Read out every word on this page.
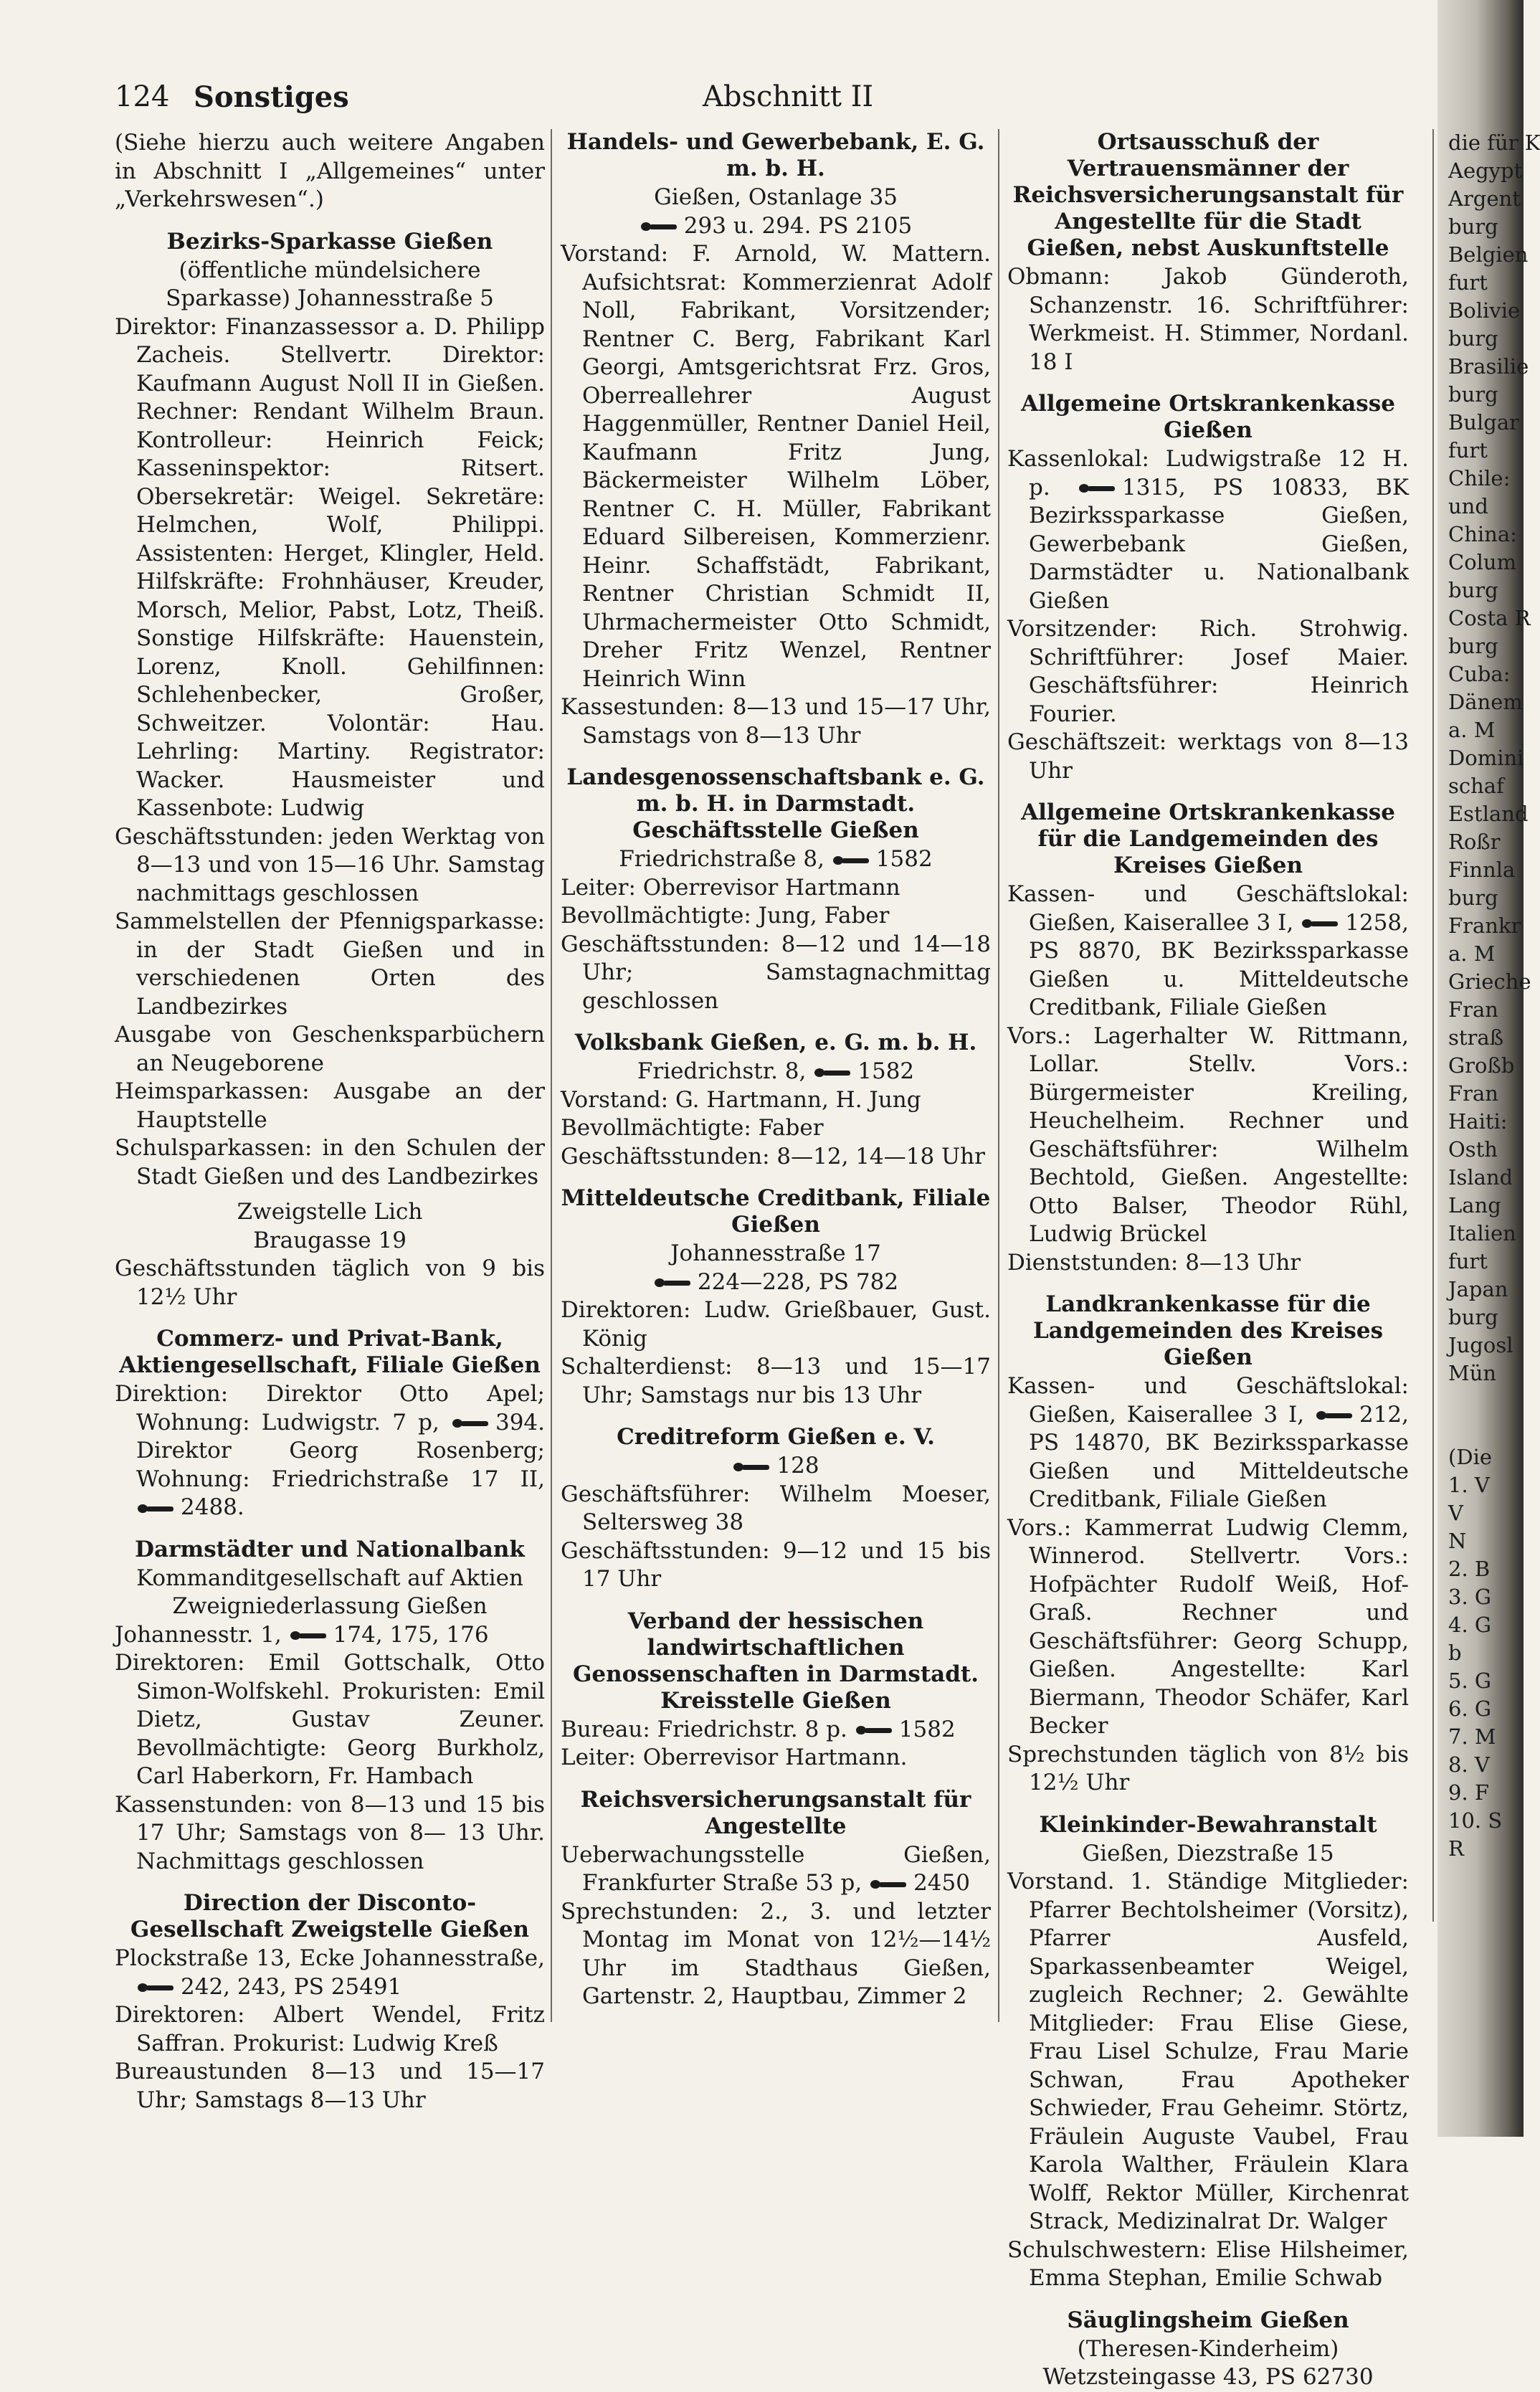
124 Sonstiges	Abschnitt II
(Siehe hierzu auch weitere Angaben in Abschnitt I „Allgemeines“ unter „Verkehrswesen“.)
Bezirks-Sparkasse Gießen
(öffentliche mündelsichere Sparkasse) Johannesstraße 5
Direktor: Finanzassessor a. D. Philipp Zacheis. Stellvertr. Direktor: Kaufmann August Noll II in Gießen. Rechner: Rendant Wilhelm Braun. Kontrolleur: Heinrich Feick; Kasseninspektor: Ritsert. Obersekretär: Weigel. Sekretäre: Helmchen, Wolf, Philippi. Assistenten: Herget, Klingler, Held. Hilfskräfte: Frohnhäuser, Kreuder, Morsch, Melior, Pabst, Lotz, Theiß. Sonstige Hilfskräfte: Hauenstein, Lorenz, Knoll. Gehilfinnen: Schlehenbecker, Großer, Schweitzer. Volontär: Hau. Lehrling: Martiny. Registrator: Wacker. Hausmeister und Kassenbote: Ludwig
Geschäftsstunden: jeden Werktag von 8—13 und von 15—16 Uhr. Samstag nachmittags geschlossen
Sammelstellen der Pfennigsparkasse: in der Stadt Gießen und in verschiedenen Orten des Landbezirkes
Ausgabe von Geschenksparbüchern an Neugeborene
Heimsparkassen: Ausgabe an der Hauptstelle
Schulsparkassen: in den Schulen der Stadt Gießen und des Landbezirkes
Zweigstelle Lich
Braugasse 19
Geschäftsstunden täglich von 9 bis 12½ Uhr
Commerz- und Privat-Bank, Aktiengesellschaft, Filiale Gießen
Direktion: Direktor Otto Apel; Wohnung: Ludwigstr. 7 p,	394. Direktor Georg Rosenberg; Wohnung: Friedrichstraße 17 II, 2488.
Darmstädter und Nationalbank
Kommanditgesellschaft auf Aktien Zweigniederlassung Gießen
Johannesstr. 1, 174, 175, 176
Direktoren: Emil Gottschalk, Otto Simon-Wolfskehl. Prokuristen: Emil Dietz, Gustav Zeuner. Bevollmächtigte: Georg Burkholz, Carl Haberkorn, Fr. Hambach
Kassenstunden: von 8—13 und 15 bis 17 Uhr; Samstags von 8— 13 Uhr. Nachmittags geschlossen
Direction der Disconto-Gesellschaft Zweigstelle Gießen
Plockstraße 13, Ecke Johannesstraße, 242, 243, PS 25491
Direktoren: Albert Wendel, Fritz Saffran. Prokurist: Ludwig Kreß
Bureaustunden 8—13 und 15—17 Uhr; Samstags 8—13 Uhr
Handels- und Gewerbebank, E. G. m. b. H.
Gießen, Ostanlage 35
293 u. 294. PS 2105
Vorstand: F. Arnold, W. Mattern. Aufsichtsrat: Kommerzienrat Adolf Noll, Fabrikant, Vorsitzender; Rentner C. Berg, Fabrikant Karl Georgi, Amtsgerichtsrat Frz. Gros, Oberreallehrer August Haggenmüller, Rentner Daniel Heil, Kaufmann Fritz Jung, Bäckermeister Wilhelm Löber, Rentner C. H. Müller, Fabrikant Eduard Silbereisen, Kommerzienr. Heinr. Schaffstädt, Fabrikant, Rentner Christian Schmidt II, Uhrmachermeister Otto Schmidt, Dreher Fritz Wenzel, Rentner Heinrich Winn
Kassestunden: 8—13 und 15—17 Uhr, Samstags von 8—13 Uhr
Landesgenossenschaftsbank e. G. m. b. H. in Darmstadt. Geschäftsstelle Gießen
Friedrichstraße 8, 1582
Leiter: Oberrevisor Hartmann
Bevollmächtigte: Jung, Faber
Geschäftsstunden: 8—12 und 14—18 Uhr; Samstagnachmittag geschlossen
Volksbank Gießen, e. G. m. b. H.
Friedrichstr. 8, 1582
Vorstand: G. Hartmann, H. Jung
Bevollmächtigte: Faber
Geschäftsstunden: 8—12, 14—18 Uhr
Mitteldeutsche Creditbank, Filiale Gießen
Johannesstraße 17
224—228, PS 782
Direktoren: Ludw. Grießbauer, Gust. König
Schalterdienst: 8—13 und 15—17 Uhr; Samstags nur bis 13 Uhr
Creditreform Gießen e. V.
128
Geschäftsführer: Wilhelm Moeser, Seltersweg 38
Geschäftsstunden: 9—12 und 15 bis 17 Uhr
Verband der hessischen landwirtschaftlichen Genossenschaften in Darmstadt. Kreisstelle Gießen
Bureau: Friedrichstr. 8 p. 1582
Leiter: Oberrevisor Hartmann.
Reichsversicherungsanstalt für Angestellte
Ueberwachungsstelle Gießen, Frankfurter Straße 53 p, 2450
Sprechstunden: 2., 3. und letzter Montag im Monat von 12½—14½ Uhr im Stadthaus Gießen, Gartenstr. 2, Hauptbau, Zimmer 2
Ortsausschuß der Vertrauensmänner der Reichsversicherungsanstalt für Angestellte für die Stadt Gießen, nebst Auskunftstelle
Obmann: Jakob Günderoth, Schanzenstr. 16. Schriftführer: Werkmeist. H. Stimmer, Nordanl. 18 I
Allgemeine Ortskrankenkasse Gießen
Kassenlokal: Ludwigstraße 12 H. p.	1315, PS 10833, BK Bezirkssparkasse Gießen, Gewerbebank Gießen, Darmstädter u. Nationalbank Gießen
Vorsitzender: Rich. Strohwig. Schriftführer: Josef Maier. Geschäftsführer: Heinrich Fourier.
Geschäftszeit: werktags von 8—13 Uhr
Allgemeine Ortskrankenkasse für die Landgemeinden des Kreises Gießen
Kassen- und Geschäftslokal: Gießen, Kaiserallee 3 I, 1258, PS 8870, BK Bezirkssparkasse Gießen u. Mitteldeutsche Creditbank, Filiale Gießen
Vors.: Lagerhalter W. Rittmann, Lollar. Stellv. Vors.: Bürgermeister Kreiling, Heuchelheim. Rechner und Geschäftsführer: Wilhelm Bechtold, Gießen. Angestellte: Otto Balser, Theodor Rühl, Ludwig Brückel
Dienststunden: 8—13 Uhr
Landkrankenkasse für die Landgemeinden des Kreises Gießen
Kassen- und Geschäftslokal: Gießen, Kaiserallee 3 I, 212, PS 14870, BK Bezirkssparkasse Gießen und Mitteldeutsche Creditbank, Filiale Gießen
Vors.: Kammerrat Ludwig Clemm, Winnerod. Stellvertr. Vors.: Hofpächter Rudolf Weiß, Hof-Graß. Rechner und Geschäftsführer: Georg Schupp, Gießen. Angestellte: Karl Biermann, Theodor Schäfer, Karl Becker
Sprechstunden täglich von 8½ bis 12½ Uhr
Kleinkinder-Bewahranstalt
Gießen, Diezstraße 15
Vorstand. 1. Ständige Mitglieder: Pfarrer Bechtolsheimer (Vorsitz), Pfarrer Ausfeld, Sparkassenbeamter Weigel, zugleich Rechner; 2. Gewählte Mitglieder: Frau Elise Giese, Frau Lisel Schulze, Frau Marie Schwan, Frau Apotheker Schwieder, Frau Geheimr. Störtz, Fräulein Auguste Vaubel, Frau Karola Walther, Fräulein Klara Wolff, Rektor Müller, Kirchenrat Strack, Medizinalrat Dr. Walger
Schulschwestern: Elise Hilsheimer, Emma Stephan, Emilie Schwab
Säuglingsheim Gießen
(Theresen-Kinderheim)
Wetzsteingasse 43, PS 62730
die für K
Aegypt
Argent
burg
Belgien
furt
Bolivie
burg
Brasilie
burg
Bulgar
furt
Chile:
und
China:
Colum
burg
Costa R
burg
Cuba:
Dänem
a. M
Domini
schaf
Estland
Roßr
Finnla
burg
Frankr
a. M
Grieche
Fran
straß
Großb
Fran
Haiti:
Osth
Island
Lang
Italien
furt
Japan
burg
Jugosl
Mün

(Die
1. V
V
N
2. B
3. G
4. G
b
5. G
6. G
7. M
8. V
9. F
10. S
R
